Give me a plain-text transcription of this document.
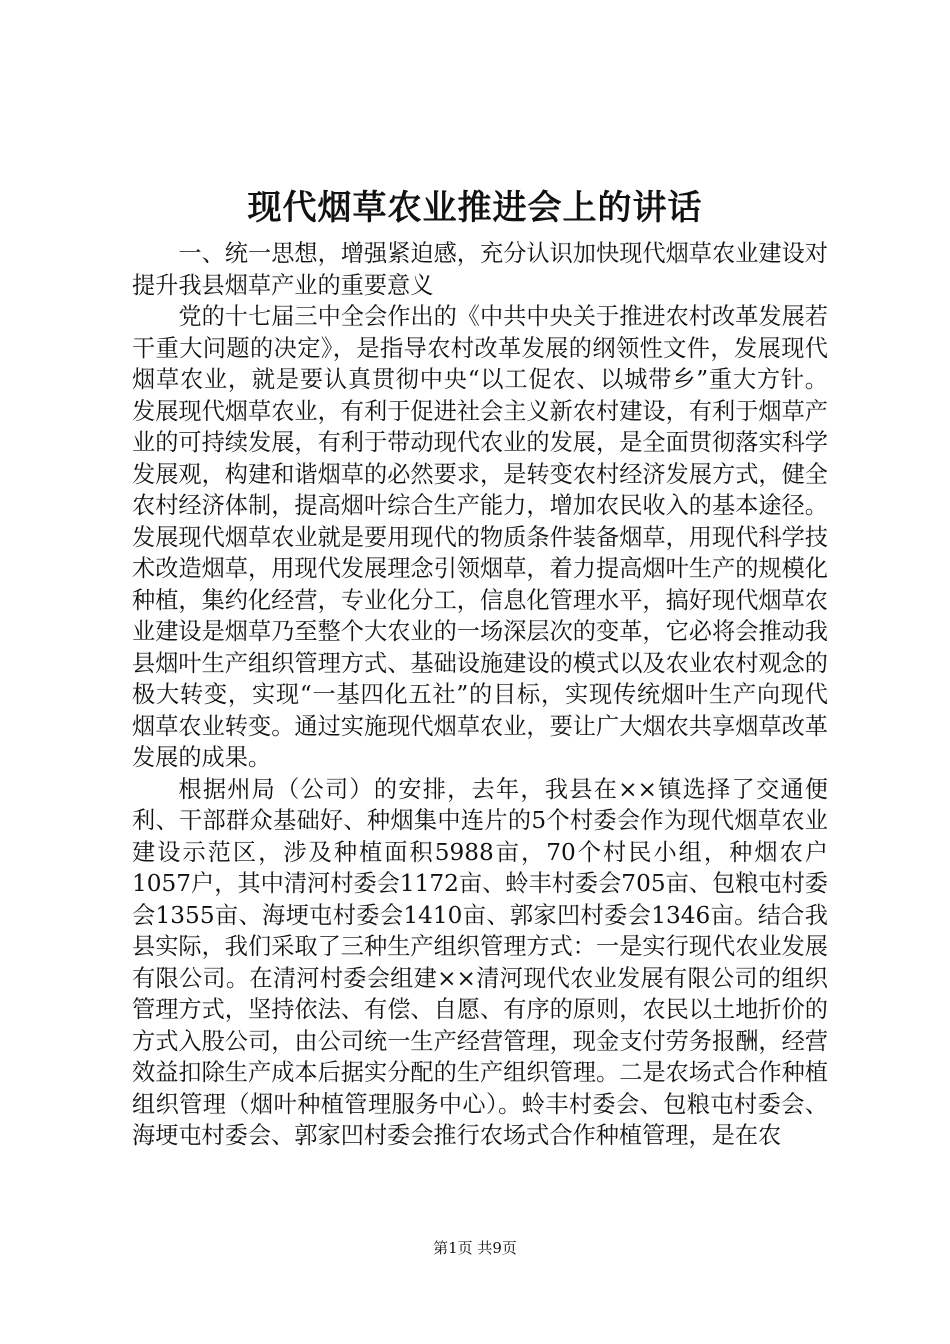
现代烟草农业推进会上的讲话

一、统一思想，增强紧迫感，充分认识加快现代烟草农业建设对提升我县烟草产业的重要意义

党的十七届三中全会作出的《中共中央关于推进农村改革发展若干重大问题的决定》，是指导农村改革发展的纲领性文件，发展现代烟草农业，就是要认真贯彻中央“以工促农、以城带乡”重大方针。发展现代烟草农业，有利于促进社会主义新农村建设，有利于烟草产业的可持续发展，有利于带动现代农业的发展，是全面贯彻落实科学发展观，构建和谐烟草的必然要求，是转变农村经济发展方式，健全农村经济体制，提高烟叶综合生产能力，增加农民收入的基本途径。发展现代烟草农业就是要用现代的物质条件装备烟草，用现代科学技术改造烟草，用现代发展理念引领烟草，着力提高烟叶生产的规模化种植，集约化经营，专业化分工，信息化管理水平，搞好现代烟草农业建设是烟草乃至整个大农业的一场深层次的变革，它必将会推动我县烟叶生产组织管理方式、基础设施建设的模式以及农业农村观念的极大转变，实现“一基四化五社”的目标，实现传统烟叶生产向现代烟草农业转变。通过实施现代烟草农业，要让广大烟农共享烟草改革发展的成果。

根据州局（公司）的安排，去年，我县在××镇选择了交通便利、干部群众基础好、种烟集中连片的5个村委会作为现代烟草农业建设示范区，涉及种植面积5988亩，70个村民小组，种烟农户1057户，其中清河村委会1172亩、蛉丰村委会705亩、包粮屯村委会1355亩、海埂屯村委会1410亩、郭家凹村委会1346亩。结合我县实际，我们采取了三种生产组织管理方式：一是实行现代农业发展有限公司。在清河村委会组建××清河现代农业发展有限公司的组织管理方式，坚持依法、有偿、自愿、有序的原则，农民以土地折价的方式入股公司，由公司统一生产经营管理，现金支付劳务报酬，经营效益扣除生产成本后据实分配的生产组织管理。二是农场式合作种植组织管理（烟叶种植管理服务中心）。蛉丰村委会、包粮屯村委会、海埂屯村委会、郭家凹村委会推行农场式合作种植管理，是在农

第1页 共9页
